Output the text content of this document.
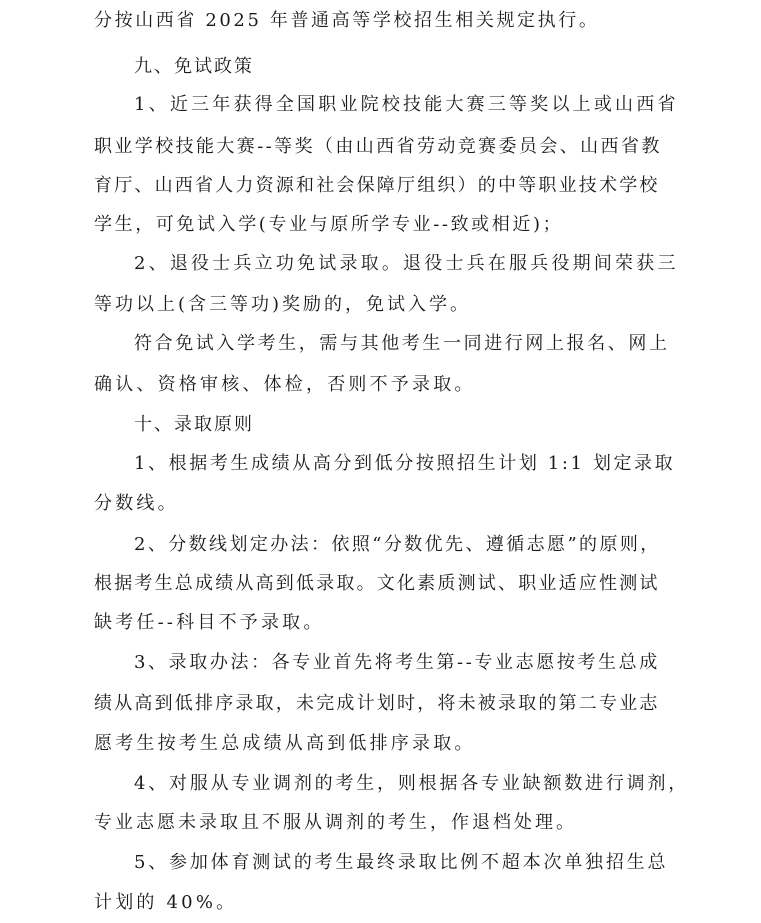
分按山西省 2025 年普通高等学校招生相关规定执行。
九、免试政策
1、近三年获得全国职业院校技能大赛三等奖以上或山西省
职业学校技能大赛--等奖（由山西省劳动竞赛委员会、山西省教
育厅、山西省人力资源和社会保障厅组织）的中等职业技术学校
学生，可免试入学(专业与原所学专业--致或相近)；
2、退役士兵立功免试录取。退役士兵在服兵役期间荣获三
等功以上(含三等功)奖励的，免试入学。
符合免试入学考生，需与其他考生一同进行网上报名、网上
确认、资格审核、体检，否则不予录取。
十、录取原则
1、根据考生成绩从高分到低分按照招生计划 1:1 划定录取
分数线。
2、分数线划定办法：依照“分数优先、遵循志愿”的原则，
根据考生总成绩从高到低录取。文化素质测试、职业适应性测试
缺考任--科目不予录取。
3、录取办法：各专业首先将考生第--专业志愿按考生总成
绩从高到低排序录取，未完成计划时，将未被录取的第二专业志
愿考生按考生总成绩从高到低排序录取。
4、对服从专业调剂的考生，则根据各专业缺额数进行调剂，
专业志愿未录取且不服从调剂的考生，作退档处理。
5、参加体育测试的考生最终录取比例不超本次单独招生总
计划的 40%。
